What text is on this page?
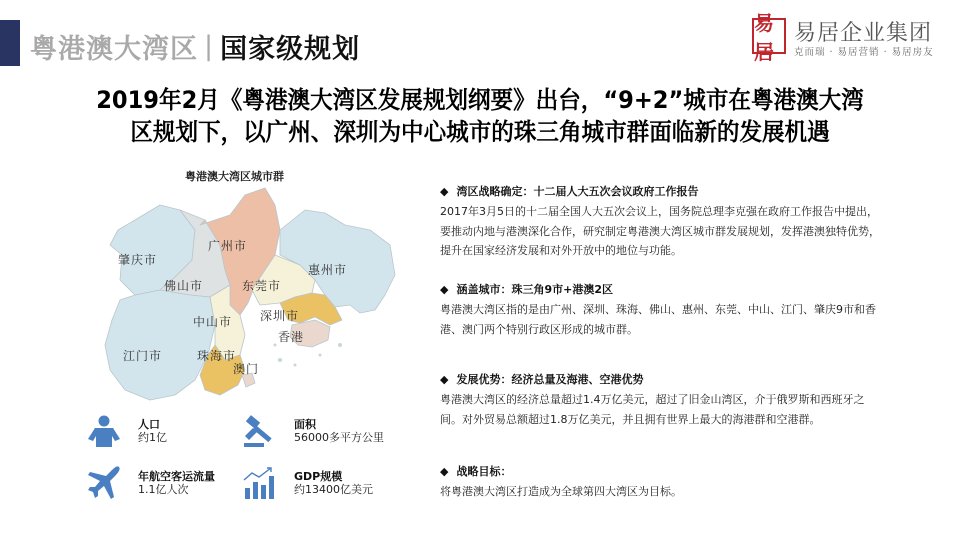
粤港澳大湾区 | 国家级规划
易居
易居企业集团
克而瑞 · 易居营销 · 易居房友
2019年2月《粤港澳大湾区发展规划纲要》出台，“9+2”城市在粤港澳大湾
区规划下，以广州、深圳为中心城市的珠三角城市群面临新的发展机遇
粤港澳大湾区城市群
肇庆市
广州市
佛山市	东莞市
惠州市
中山市 深圳市
香港
江门市	珠海市
澳门
人口
约1亿
面积
56000多平方公里
年航空客运流量
1.1亿人次
GDP规模
约13400亿美元
◆ 湾区战略确定：十二届人大五次会议政府工作报告
2017年3月5日的十二届全国人大五次会议上，国务院总理李克强在政府工作报告中提出，要推动内地与港澳深化合作，研究制定粤港澳大湾区城市群发展规划，发挥港澳独特优势，提升在国家经济发展和对外开放中的地位与功能。
◆ 涵盖城市：珠三角9市+港澳2区
粤港澳大湾区指的是由广州、深圳、珠海、佛山、惠州、东莞、中山、江门、肇庆9市和香港、澳门两个特别行政区形成的城市群。
◆ 发展优势：经济总量及海港、空港优势
粤港澳大湾区的经济总量超过1.4万亿美元，超过了旧金山湾区，介于俄罗斯和西班牙之间。对外贸易总额超过1.8万亿美元，并且拥有世界上最大的海港群和空港群。
◆ 战略目标：
将粤港澳大湾区打造成为全球第四大湾区为目标。
